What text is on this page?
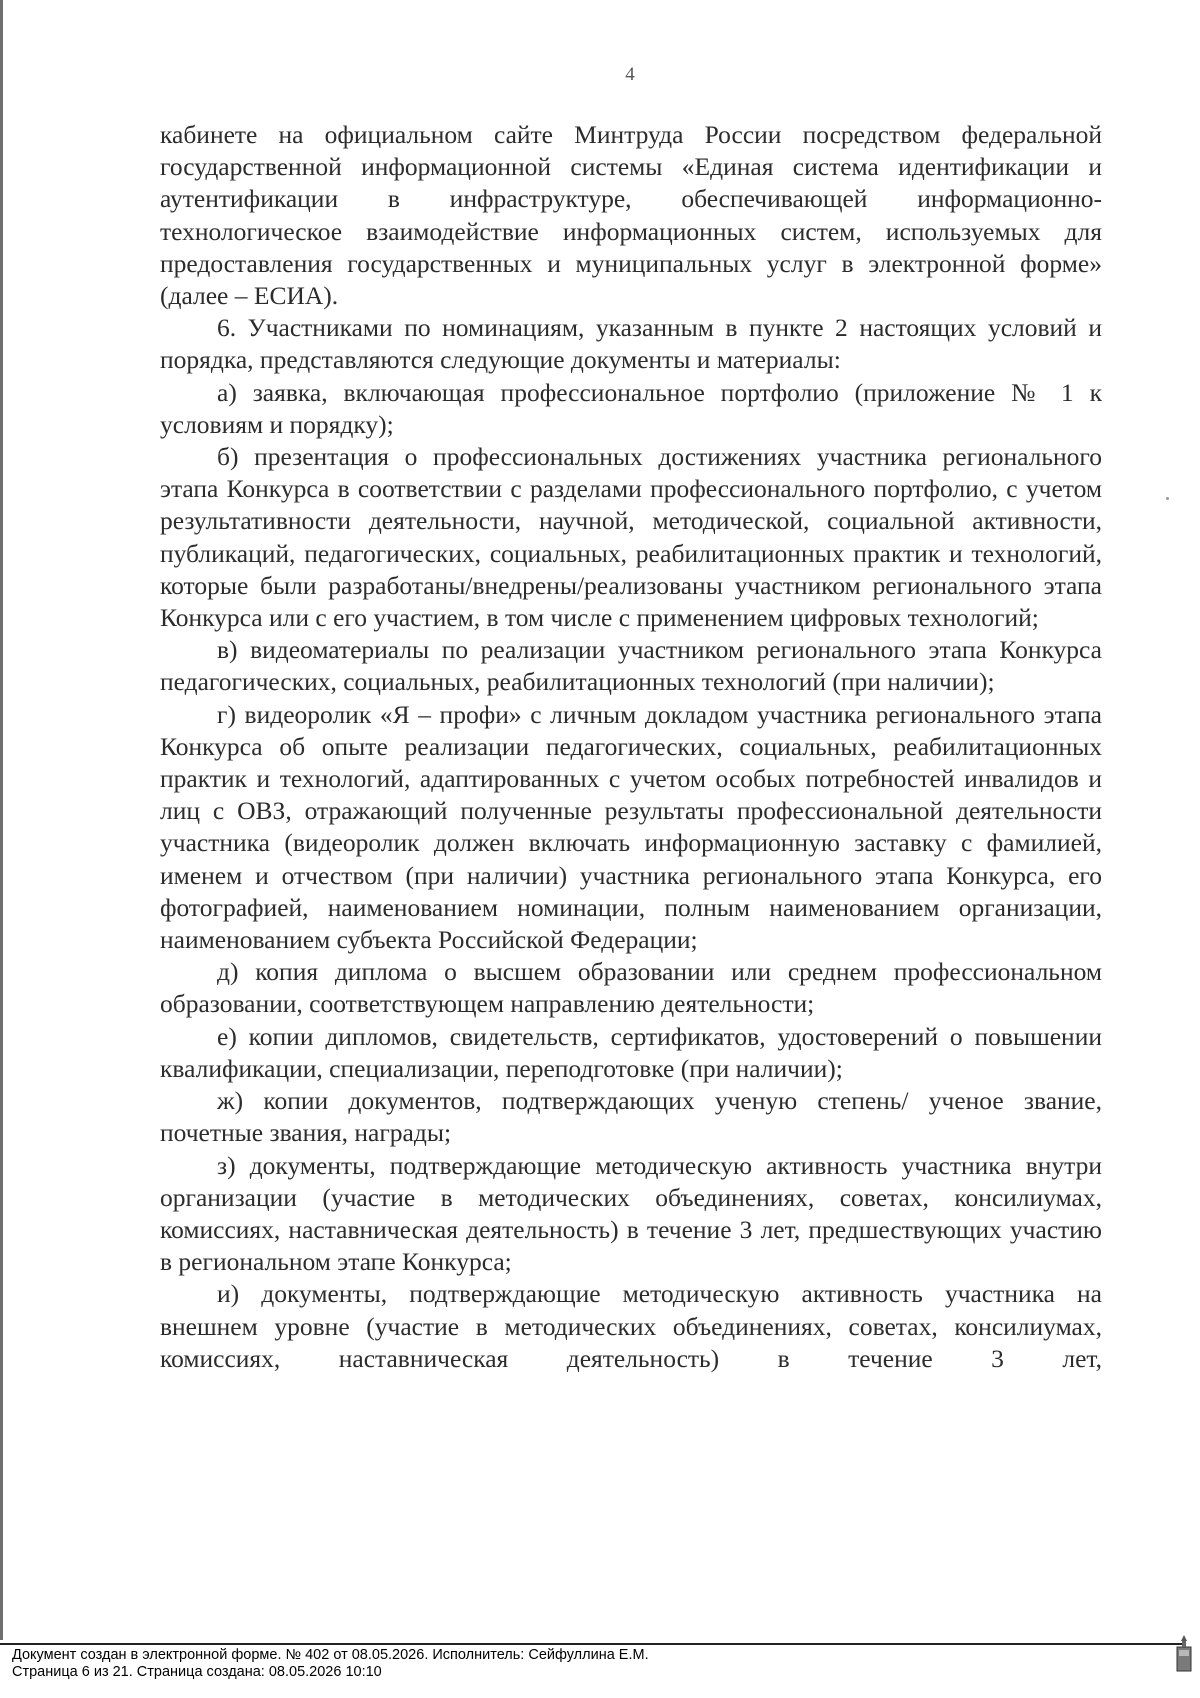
4

кабинете на официальном сайте Минтруда России посредством федеральной государственной информационной системы «Единая система идентификации и аутентификации в инфраструктуре, обеспечивающей информационно-технологическое взаимодействие информационных систем, используемых для предоставления государственных и муниципальных услуг в электронной форме» (далее – ЕСИА).

6. Участниками по номинациям, указанным в пункте 2 настоящих условий и порядка, представляются следующие документы и материалы:

а) заявка, включающая профессиональное портфолио (приложение № 1 к условиям и порядку);

б) презентация о профессиональных достижениях участника регионального этапа Конкурса в соответствии с разделами профессионального портфолио, с учетом результативности деятельности, научной, методической, социальной активности, публикаций, педагогических, социальных, реабилитационных практик и технологий, которые были разработаны/внедрены/реализованы участником регионального этапа Конкурса или с его участием, в том числе с применением цифровых технологий;

в) видеоматериалы по реализации участником регионального этапа Конкурса педагогических, социальных, реабилитационных технологий (при наличии);

г) видеоролик «Я – профи» с личным докладом участника регионального этапа Конкурса об опыте реализации педагогических, социальных, реабилитационных практик и технологий, адаптированных с учетом особых потребностей инвалидов и лиц с ОВЗ, отражающий полученные результаты профессиональной деятельности участника (видеоролик должен включать информационную заставку с фамилией, именем и отчеством (при наличии) участника регионального этапа Конкурса, его фотографией, наименованием номинации, полным наименованием организации, наименованием субъекта Российской Федерации;

д) копия диплома о высшем образовании или среднем профессиональном образовании, соответствующем направлению деятельности;

е) копии дипломов, свидетельств, сертификатов, удостоверений о повышении квалификации, специализации, переподготовке (при наличии);

ж) копии документов, подтверждающих ученую степень/ ученое звание, почетные звания, награды;

з) документы, подтверждающие методическую активность участника внутри организации (участие в методических объединениях, советах, консилиумах, комиссиях, наставническая деятельность) в течение 3 лет, предшествующих участию в региональном этапе Конкурса;

и) документы, подтверждающие методическую активность участника на внешнем уровне (участие в методических объединениях, советах, консилиумах, комиссиях, наставническая деятельность) в течение 3 лет,

Документ создан в электронной форме. № 402 от 08.05.2026. Исполнитель: Сейфуллина Е.М.
Страница 6 из 21. Страница создана: 08.05.2026 10:10
